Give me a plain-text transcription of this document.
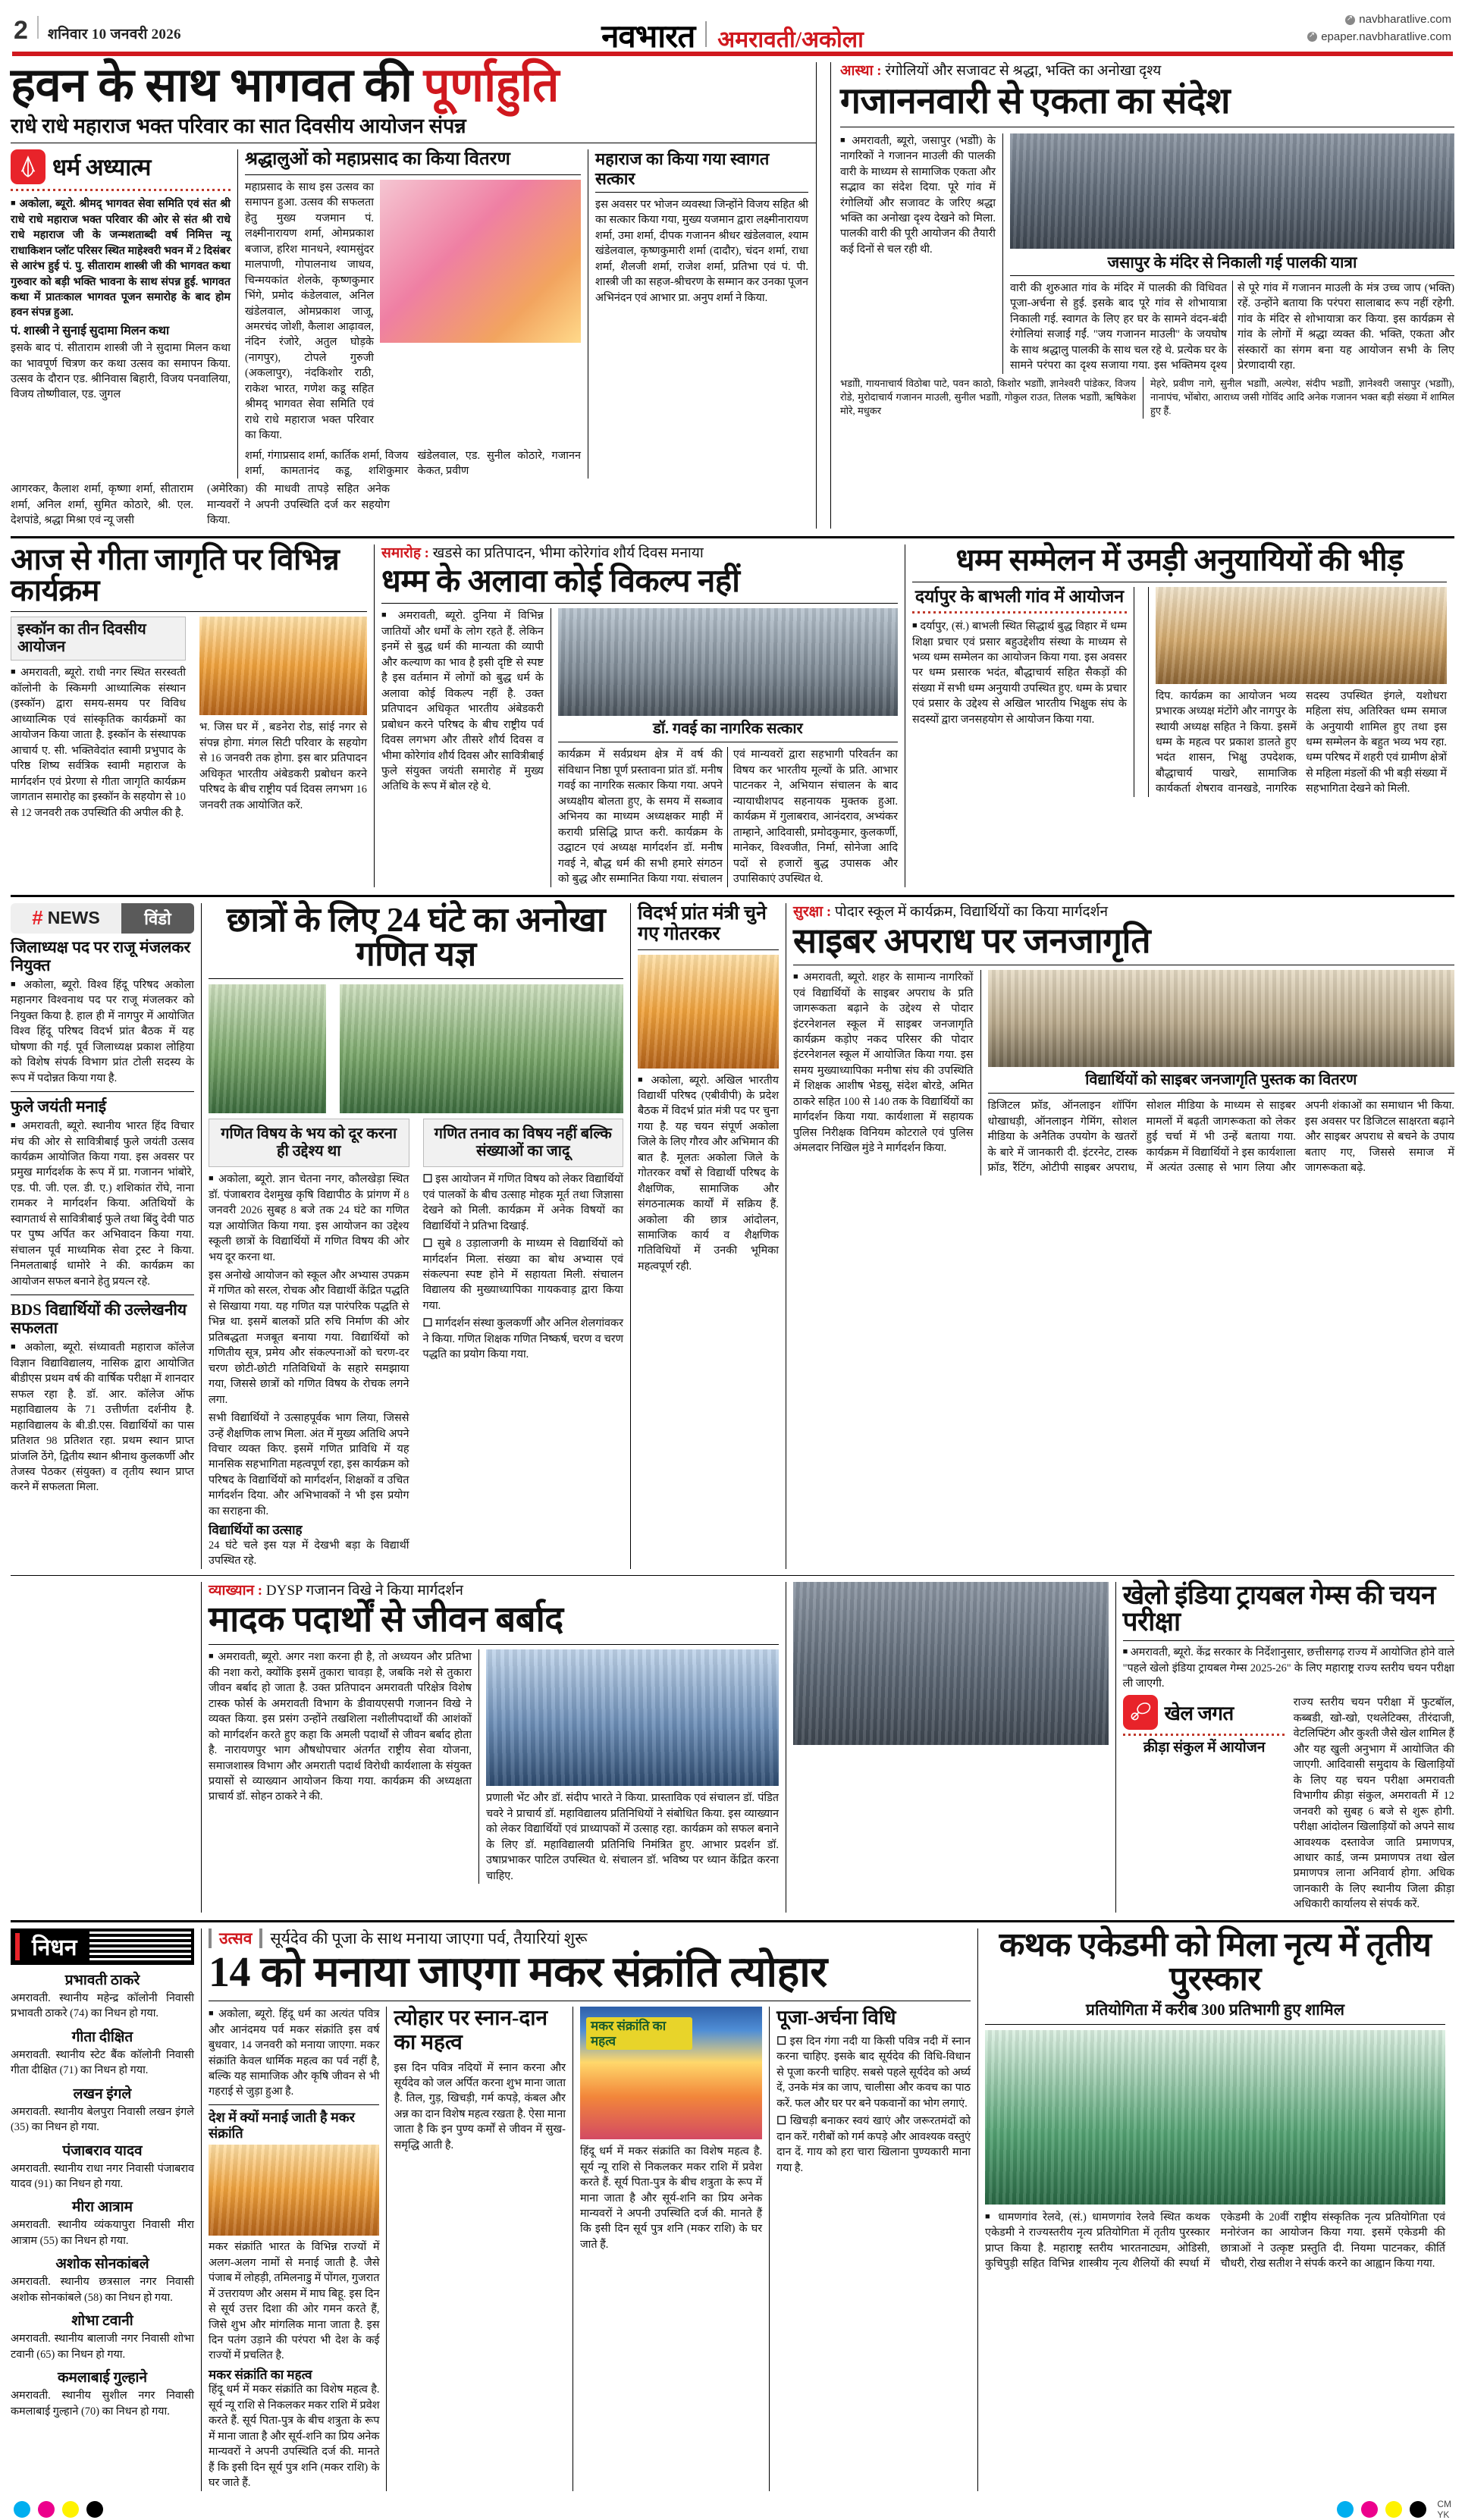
2 शनिवार 10 जनवरी 2026	नवभारत अमरावती/अकोला
↗
navbharatlive.com
↗
epaper.navbharatlive.com
हवन के साथ भागवत की पूर्णाहुति
राधे राधे महाराज भक्त परिवार का सात दिवसीय आयोजन संपन्न
धर्म अध्यात्म

■ अकोला, ब्यूरो. श्रीमद् भागवत सेवा समिति एवं संत श्री राधे राधे महाराज भक्त परिवार की ओर से संत श्री राधे राधे महाराज जी के जन्मशताब्दी वर्ष निमित्त न्यू राधाकिशन प्लॉट परिसर स्थित माहेश्वरी भवन में 2 दिसंबर से आरंभ हुई पं. पु. सीताराम शास्त्री जी की भागवत कथा गुरुवार को बड़ी भक्ति भावना के साथ संपन्न हुई. भागवत कथा में प्रातःकाल भागवत पूजन समारोह के बाद होम हवन संपन्न हुआ.

पं. शास्त्री ने सुनाई सुदामा मिलन कथा

इसके बाद पं. सीताराम शास्त्री जी ने सुदामा मिलन कथा का भावपूर्ण चित्रण कर कथा उत्सव का समापन किया. उत्सव के दौरान एड. श्रीनिवास बिहारी, विजय पनवालिया, विजय तोष्णीवाल, एड. जुगल

श्रद्धालुओं को महाप्रसाद का किया वितरण
महाप्रसाद के साथ इस उत्सव का समापन हुआ. उत्सव की सफलता हेतु मुख्य यजमान पं. लक्ष्मीनारायण शर्मा, ओमप्रकाश बजाज, हरिश मानधने, श्यामसुंदर मालपाणी, गोपालनाथ जाधव, चिन्मयकांत शेलके, कृष्णकुमार भिंगे, प्रमोद कंडेलवाल, अनिल खंडेलवाल, ओमप्रकाश जाजू, अमरचंद जोशी, कैलाश आढ़ावल, नंदिन रंजोरे, अतुल घोड़के (नागपुर), टोपले गुरुजी (अकलापुर), नंदकिशोर राठी, राकेश भारत, गणेश कडू सहित श्रीमद् भागवत सेवा समिति एवं राधे राधे महाराज भक्त परिवार का किया.
शर्मा, गंगाप्रसाद शर्मा, कार्तिक शर्मा, विजय शर्मा, कामतानंद कडू, शशिकुमार खंडेलवाल, एड. सुनील कोठारे, गजानन केकत, प्रवीण
महाराज का किया गया स्वागत सत्कार
इस अवसर पर भोजन व्यवस्था जिन्होंने विजय सहित श्री का सत्कार किया गया, मुख्य यजमान द्वारा लक्ष्मीनारायण शर्मा, उमा शर्मा, दीपक गजानन श्रीधर खंडेलवाल, श्याम खंडेलवाल, कृष्णकुमारी शर्मा (दादौर), चंदन शर्मा, राधा शर्मा, शैलजी शर्मा, राजेश शर्मा, प्रतिभा एवं पं. पी. शास्त्री जी का सहज-श्रीचरण के सम्मान कर उनका पूजन अभिनंदन एवं आभार प्रा. अनुप शर्मा ने किया.
आगरकर, कैलाश शर्मा, कृष्णा शर्मा, सीताराम शर्मा, अनिल शर्मा, सुमित कोठारे, श्री. एल. देशपांडे, श्रद्धा मिश्रा एवं न्यू जसी
(अमेरिका) की माधवी तापड़े सहित अनेक मान्यवरों ने अपनी उपस्थिति दर्ज कर सहयोग किया.
आस्था : रंगोलियों और सजावट से श्रद्धा, भक्ति का अनोखा दृश्य
गजाननवारी से एकता का संदेश
■ अमरावती, ब्यूरो, जसापुर (भडोी) के नागरिकों ने गजानन माउली की पालकी वारी के माध्यम से सामाजिक एकता और सद्भाव का संदेश दिया. पूरे गांव में रंगोलियों और सजावट के जरिए श्रद्धा भक्ति का अनोखा दृश्य देखने को मिला. पालकी वारी की पूरी आयोजन की तैयारी कई दिनों से चल रही थी.
जसापुर के मंदिर से निकाली गई पालकी यात्रा
वारी की शुरुआत गांव के मंदिर में पालकी की विधिवत पूजा-अर्चना से हुई. इसके बाद पूरे गांव से शोभायात्रा निकाली गई. स्वागत के लिए हर घर के सामने वंदन-बंदी रंगोलियां सजाई गईं. "जय गजानन माउली" के जयघोष के साथ श्रद्धालु पालकी के साथ चल रहे थे. प्रत्येक घर के सामने परंपरा का दृश्य सजाया गया. इस भक्तिमय दृश्य से पूरे गांव में गजानन माउली के मंत्र उच्च जाप (भक्ति) रहें. उन्होंने बताया कि परंपरा सालाबाद रूप नहीं रहेगी. गांव के मंदिर से शोभायात्रा कर किया. इस कार्यक्रम से गांव के लोगों में श्रद्धा व्यक्त की. भक्ति, एकता और संस्कारों का संगम बना यह आयोजन सभी के लिए प्रेरणादायी रहा.
भडाोी, गायनाचार्य विठोबा पाटे, पवन काठोे, किशोर भडाोी, ज्ञानेश्वरी पांडेकर, विजय रोडे, मुरोदाचार्य गजानन माउली, सुनील भडाोी, गोकुल राउत, तिलक भडाोी, ऋषिकेश मोरे, मधुकर
मेहरे, प्रवीण नागे, सुनील भडाोी, अल्पेश, संदीप भडाोी, ज्ञानेश्वरी जसापुर (भडाोी), नानापंच, भोंबोरा, आराध्य जसी गोविंद आदि अनेक गजानन भक्त बड़ी संख्या में शामिल हुए हैं.
आज से गीता जागृति पर विभिन्न कार्यक्रम
इस्कॉन का तीन दिवसीय आयोजन
■ अमरावती, ब्यूरो. राधी नगर स्थित सरस्वती कॉलोनी के स्किमगी आध्यात्मिक संस्थान (इस्कॉन) द्वारा समय-समय पर विविध आध्यात्मिक एवं सांस्कृतिक कार्यक्रमों का आयोजन किया जाता है. इस्कॉन के संस्थापक आचार्य ए. सी. भक्तिवेदांत स्वामी प्रभुपाद के परिष्ठ शिष्य सर्वत्रिक स्वामी महाराज के मार्गदर्शन एवं प्रेरणा से गीता जागृति कार्यक्रम जागतान समारोह का इस्कॉन के सहयोग से 10 से 12 जनवरी तक उपस्थिति की अपील की है.
भ. जिस घर में , बडनेरा रोड, सांई नगर से संपन्न होगा. मंगल सिटी परिवार के सहयोग से 16 जनवरी तक होगा. इस बार प्रतिपादन अधिकृत भारतीय अंबेडकरी प्रबोधन करने परिषद के बीच राष्ट्रीय पर्व दिवस लगभग 16 जनवरी तक आयोजित करें.
समारोह : खडसे का प्रतिपादन, भीमा कोरेगांव शौर्य दिवस मनाया
धम्म के अलावा कोई विकल्प नहीं
■ अमरावती, ब्यूरो. दुनिया में विभिन्न जातियों और धर्मों के लोग रहते हैं. लेकिन इनमें से बुद्ध धर्म की मान्यता की व्यापी और कल्याण का भाव है इसी दृष्टि से स्पष्ट है इस वर्तमान में लोगों को बुद्ध धर्म के अलावा कोई विकल्प नहीं है. उक्त प्रतिपादन अधिकृत भारतीय अंबेडकरी प्रबोधन करने परिषद के बीच राष्ट्रीय पर्व दिवस लगभग और तीसरे शौर्य दिवस व भीमा कोरेगांव शौर्य दिवस और सावित्रीबाई फुले संयुक्त जयंती समारोह में मुख्य अतिथि के रूप में बोल रहे थे.
डॉ. गवई का नागरिक सत्कार
कार्यक्रम में सर्वप्रथम क्षेत्र में वर्ष की संविधान निष्ठा पूर्ण प्रस्तावना प्रांत डॉ. मनीष गवई का नागरिक सत्कार किया गया. अपने अध्यक्षीय बोलता हुए, के समय में सब्जाव अभिनय का माध्यम अध्यक्षकर माही में करायी प्रसिद्धि प्राप्त करी. कार्यक्रम के उद्घाटन एवं अध्यक्ष मार्गदर्शन डॉ. मनीष गवई ने, बौद्ध धर्म की सभी हमारे संगठन को बुद्ध और सम्मानित किया गया. संचालन एवं मान्यवरों द्वारा सहभागी परिवर्तन का विषय कर भारतीय मूल्यों के प्रति. आभार पाटनकर ने, अभियान संचालन के बाद न्यायाधीशपद सहनायक मुक्तक हुआ. कार्यक्रम में गुलाबराव, आनंदराव, अभ्यंकर ताम्हाने, आदिवासी, प्रमोदकुमार, कुलकर्णी, मानेकर, विश्वजीत, निर्मा, सोनेजा आदि पदों से हजारों बुद्ध उपासक और उपासिकाएं उपस्थित थे.
धम्म सम्मेलन में उमड़ी अनुयायियों की भीड़
दर्यापुर के बाभली गांव में आयोजन
■ दर्यापुर, (सं.) बाभली स्थित सिद्धार्थ बुद्ध विहार में धम्म शिक्षा प्रचार एवं प्रसार बहुउद्देशीय संस्था के माध्यम से भव्य धम्म सम्मेलन का आयोजन किया गया. इस अवसर पर धम्म प्रसारक भदंत, बौद्धाचार्य सहित सैकड़ों की संख्या में सभी धम्म अनुयायी उपस्थित हुए. धम्म के प्रचार एवं प्रसार के उद्देश्य से अखिल भारतीय भिक्षुक संघ के सदस्यों द्वारा जनसहयोग से आयोजन किया गया.
दिप. कार्यक्रम का आयोजन भव्य प्रभारक अध्यक्ष मंटोंगे और नागपुर के स्थायी अध्यक्ष सहित ने किया. इसमें धम्म के महत्व पर प्रकाश डालते हुए भदंत शासन, भिक्षु उपदेशक, बौद्धाचार्य पाखरे, सामाजिक कार्यकर्ता शेषराव वानखडे, नागरिक सदस्य उपस्थित इंगले, यशोधरा महिला संघ, अतिरिक्त धम्म समाज के अनुयायी शामिल हुए तथा इस धम्म सम्मेलन के बहुत भव्य भय रहा. धम्म परिषद में शहरी एवं ग्रामीण क्षेत्रों से महिला मंडलों की भी बड़ी संख्या में सहभागिता देखने को मिली.
# NEWS	विंडो
जिलाध्यक्ष पद पर राजू मंजलकर नियुक्त
■ अकोला, ब्यूरो. विश्व हिंदू परिषद अकोला महानगर विश्वनाथ पद पर राजू मंजलकर को नियुक्त किया है. हाल ही में नागपुर में आयोजित विश्व हिंदू परिषद विदर्भ प्रांत बैठक में यह घोषणा की गई. पूर्व जिलाध्यक्ष प्रकाश लोहिया को विशेष संपर्क विभाग प्रांत टोली सदस्य के रूप में पदोन्नत किया गया है.
फुले जयंती मनाई
■ अमरावती, ब्यूरो. स्थानीय भारत हिंद विचार मंच की ओर से सावित्रीबाई फुले जयंती उत्सव कार्यक्रम आयोजित किया गया. इस अवसर पर प्रमुख मार्गदर्शक के रूप में प्रा. गजानन भांबोरे, एड. पी. जी. एल. डी. ए.) शशिकांत रोंघे, नाना रामकर ने मार्गदर्शन किया. अतिथियों के स्वागतार्थ से सावित्रीबाई फुले तथा बिंदु देवी पाठ पर पुष्प अर्पित कर अभिवादन किया गया. संचालन पूर्व माध्यमिक सेवा ट्रस्ट ने किया. निमलताबाई धामोरे ने की. कार्यक्रम का आयोजन सफल बनाने हेतु प्रयत्न रहे.
BDS विद्यार्थियों की उल्लेखनीय सफलता
■ अकोला, ब्यूरो. संध्यावती महाराज कॉलेज विज्ञान विद्याविद्यालय, नासिक द्वारा आयोजित बीडीएस प्रथम वर्ष की वार्षिक परीक्षा में शानदार सफल रहा है. डॉ. आर. कॉलेज ऑफ महाविद्यालय के 71 उत्तीर्णता दर्शनीय है. महाविद्यालय के बी.डी.एस. विद्यार्थियों का पास प्रतिशत 98 प्रतिशत रहा. प्रथम स्थान प्राप्त प्रांजलि ठेंगे, द्वितीय स्थान श्रीनाथ कुलकर्णी और तेजस्व पेठकर (संयुक्त) व तृतीय स्थान प्राप्त करने में सफलता मिला.
छात्रों के लिए 24 घंटे का अनोखा गणित यज्ञ
गणित विषय के भय को दूर करना ही उद्देश्य था
■ अकोला, ब्यूरो. ज्ञान चेतना नगर, कौलखेड़ा स्थित डॉ. पंजाबराव देशमुख कृषि विद्यापीठ के प्रांगण में 8 जनवरी 2026 सुबह 8 बजे तक 24 घंटे का गणित यज्ञ आयोजित किया गया. इस आयोजन का उद्देश्य स्कूली छात्रों के विद्यार्थियों में गणित विषय की ओर भय दूर करना था.
इस अनोखे आयोजन को स्कूल और अभ्यास उपक्रम में गणित को सरल, रोचक और विद्यार्थी केंद्रित पद्धति से सिखाया गया. यह गणित यज्ञ पारंपरिक पद्धति से भिन्न था. इसमें बालकों प्रति रुचि निर्माण की ओर प्रतिबद्धता मजबूत बनाया गया. विद्यार्थियों को गणितीय सूत्र, प्रमेय और संकल्पनाओं को चरण-दर चरण छोटी-छोटी गतिविधियों के सहारे समझाया गया, जिससे छात्रों को गणित विषय के रोचक लगने लगा.
सभी विद्यार्थियों ने उत्साहपूर्वक भाग लिया, जिससे उन्हें शैक्षणिक लाभ मिला. अंत में मुख्य अतिथि अपने विचार व्यक्त किए. इसमें गणित प्राविधि में यह मानसिक सहभागिता महत्वपूर्ण रहा, इस कार्यक्रम को परिषद के विद्यार्थियों को मार्गदर्शन, शिक्षकों व उचित मार्गदर्शन दिया. और अभिभावकों ने भी इस प्रयोग का सराहना की.
विद्यार्थियों का उत्साह
24 घंटे चले इस यज्ञ में देखभी बड़ा के विद्यार्थी उपस्थित रहे.
गणित तनाव का विषय नहीं बल्कि संख्याओं का जादू

☐ इस आयोजन में गणित विषय को लेकर विद्यार्थियों एवं पालकों के बीच उत्साह मोहक मूर्त तथा जिज्ञासा देखने को मिली. कार्यक्रम में अनेक विषयों का विद्यार्थियों ने प्रतिभा दिखाई.

☐ सुबे 8 उड़ालाजगी के माध्यम से विद्यार्थियों को मार्गदर्शन मिला. संख्या का बोध अभ्यास एवं संकल्पना स्पष्ट होने में सहायता मिली. संचालन विद्यालय की मुख्याध्यापिका गायकवाड़ द्वारा किया गया.

☐ मार्गदर्शन संस्था कुलकर्णी और अनिल शेलगांवकर ने किया. गणित शिक्षक गणित निष्कर्ष, चरण व चरण पद्धति का प्रयोग किया गया.

विदर्भ प्रांत मंत्री चुने गए गोतरकर
■ अकोला, ब्यूरो. अखिल भारतीय विद्यार्थी परिषद (एबीवीपी) के प्रदेश बैठक में विदर्भ प्रांत मंत्री पद पर चुना गया है. यह चयन संपूर्ण अकोला जिले के लिए गौरव और अभिमान की बात है. मूलतः अकोला जिले के गोतरकर वर्षों से विद्यार्थी परिषद के शैक्षणिक, सामाजिक और संगठनात्मक कार्यों में सक्रिय हैं. अकोला की छात्र आंदोलन, सामाजिक कार्य व शैक्षणिक गतिविधियों में उनकी भूमिका महत्वपूर्ण रही.
सुरक्षा : पोदार स्कूल में कार्यक्रम, विद्यार्थियों का किया मार्गदर्शन
साइबर अपराध पर जनजागृति
■ अमरावती, ब्यूरो. शहर के सामान्य नागरिकों एवं विद्यार्थियों के साइबर अपराध के प्रति जागरूकता बढ़ाने के उद्देश्य से पोदार इंटरनेशनल स्कूल में साइबर जनजागृति कार्यक्रम कड़ोए नकद परिसर की पोदार इंटरनेशनल स्कूल में आयोजित किया गया. इस समय मुख्याध्यापिका मनीषा संघ की उपस्थिति में शिक्षक आशीष भेडसू, संदेश बोरडे, अमित ठाकरे सहित 100 से 140 तक के विद्यार्थियों का मार्गदर्शन किया गया. कार्यशाला में सहायक पुलिस निरीक्षक विनियम कोटराले एवं पुलिस अंमलदार निखिल मुंडे ने मार्गदर्शन किया.
विद्यार्थियों को साइबर जनजागृति पुस्तक का वितरण
डिजिटल फ्रॉड, ऑनलाइन शॉपिंग धोखाधड़ी, ऑनलाइन गेमिंग, सोशल मीडिया के अनैतिक उपयोग के खतरों के बारे में जानकारी दी. इंटरनेट, टास्क फ्रॉड, रैंटिंग, ओटीपी साइबर अपराध, सोशल मीडिया के माध्यम से साइबर मामलों में बढ़ती जागरूकता को लेकर हुई चर्चा में भी उन्हें बताया गया. कार्यक्रम में विद्यार्थियों ने इस कार्यशाला में अत्यंत उत्साह से भाग लिया और अपनी शंकाओं का समाधान भी किया. इस अवसर पर डिजिटल साक्षरता बढ़ाने और साइबर अपराध से बचने के उपाय बताए गए, जिससे समाज में जागरूकता बढ़े.
व्याख्यान : DYSP गजानन विखे ने किया मार्गदर्शन
मादक पदार्थों से जीवन बर्बाद
■ अमरावती, ब्यूरो. अगर नशा करना ही है, तो अध्ययन और प्रतिभा की नशा करो, क्योंकि इसमें तुकारा चावड़ा है, जबकि नशे से तुकारा जीवन बर्बाद हो जाता है. उक्त प्रतिपादन अमरावती परिक्षेत्र विशेष टास्क फोर्स के अमरावती विभाग के डीवायएसपी गजानन विखे ने व्यक्त किया. इस प्रसंग उन्होंने तखशिला नशीलीपदार्थों की आशंकों को मार्गदर्शन करते हुए कहा कि अमली पदार्थों से जीवन बर्बाद होता है. नारायणपुर भाग औषधोपचार अंतर्गत राष्ट्रीय सेवा योजना, समाजशास्त्र विभाग और अमराती पदार्थ विरोधी कार्यशाला के संयुक्त प्रयासों से व्याख्यान आयोजन किया गया. कार्यक्रम की अध्यक्षता प्राचार्य डॉ. सोहन ठाकरे ने की.	प्रणाली भेंट और डॉ. संदीप भारते ने किया. प्रास्ताविक एवं संचालन डॉ. पंडित चवरे ने प्राचार्य डॉ. महाविद्यालय प्रतिनिधियों ने संबोधित किया. इस व्याख्यान को लेकर विद्यार्थियों एवं प्राध्यापकों में उत्साह रहा. कार्यक्रम को सफल बनाने के लिए डॉ. महाविद्यालयी प्रतिनिधि निमंत्रित हुए. आभार प्रदर्शन डॉ. उषाप्रभाकर पाटिल उपस्थित थे. संचालन डॉ. भविष्य पर ध्यान केंद्रित करना चाहिए.
खेलो इंडिया ट्रायबल गेम्स की चयन परीक्षा
■ अमरावती, ब्यूरो. केंद्र सरकार के निर्देशानुसार, छत्तीसगढ़ राज्य में आयोजित होने वाले "पहले खेलो इंडिया ट्रायबल गेम्स 2025-26" के लिए महाराष्ट्र राज्य स्तरीय चयन परीक्षा ली जाएगी.
खेल जगत
क्रीड़ा संकुल में आयोजन
राज्य स्तरीय चयन परीक्षा में फुटबॉल, कब्बडी, खो-खो, एथलेटिक्स, तीरंदाजी, वेटलिफ्टिंग और कुश्ती जैसे खेल शामिल हैं और यह खुली अनुभाग में आयोजित की जाएगी. आदिवासी समुदाय के खिलाड़ियों के लिए यह चयन परीक्षा अमरावती विभागीय क्रीड़ा संकुल, अमरावती में 12 जनवरी को सुबह 6 बजे से शुरू होगी. परीक्षा आंदोलन खिलाड़ियों को अपने साथ आवश्यक दस्तावेज जाति प्रमाणपत्र, आधार कार्ड, जन्म प्रमाणपत्र तथा खेल प्रमाणपत्र लाना अनिवार्य होगा. अधिक जानकारी के लिए स्थानीय जिला क्रीड़ा अधिकारी कार्यालय से संपर्क करें.
निधन
प्रभावती ठाकरे
अमरावती. स्थानीय महेन्द्र कॉलोनी निवासी प्रभावती ठाकरे (74) का निधन हो गया.
गीता दीक्षित
अमरावती. स्थानीय स्टेट बैंक कॉलोनी निवासी गीता दीक्षित (71) का निधन हो गया.
लखन इंगले
अमरावती. स्थानीय बेलपुरा निवासी लखन इंगले (35) का निधन हो गया.
पंजाबराव यादव
अमरावती. स्थानीय राधा नगर निवासी पंजाबराव यादव (91) का निधन हो गया.
मीरा आत्राम
अमरावती. स्थानीय व्यंकयापुरा निवासी मीरा आत्राम (55) का निधन हो गया.
अशोक सोनकांबले
अमरावती. स्थानीय छत्रसाल नगर निवासी अशोक सोनकांबले (58) का निधन हो गया.
शोभा टवानी
अमरावती. स्थानीय बालाजी नगर निवासी शोभा टवानी (65) का निधन हो गया.
कमलाबाई गुल्हाने
अमरावती. स्थानीय सुशील नगर निवासी कमलाबाई गुल्हाने (70) का निधन हो गया.
उत्सव सूर्यदेव की पूजा के साथ मनाया जाएगा पर्व, तैयारियां शुरू
14 को मनाया जाएगा मकर संक्रांति त्योहार
■ अकोला, ब्यूरो. हिंदू धर्म का अत्यंत पवित्र और आनंदमय पर्व मकर संक्रांति इस वर्ष बुधवार, 14 जनवरी को मनाया जाएगा. मकर संक्रांति केवल धार्मिक महत्व का पर्व नहीं है, बल्कि यह सामाजिक और कृषि जीवन से भी गहराई से जुड़ा हुआ है.
देश में क्यों मनाई जाती है मकर संक्रांति
मकर संक्रांति भारत के विभिन्न राज्यों में अलग-अलग नामों से मनाई जाती है. जैसे पंजाब में लोहड़ी, तमिलनाडु में पोंगल, गुजरात में उत्तरायण और असम में माघ बिहू. इस दिन से सूर्य उत्तर दिशा की ओर गमन करते हैं, जिसे शुभ और मांगलिक माना जाता है. इस दिन पतंग उड़ाने की परंपरा भी देश के कई राज्यों में प्रचलित है.
मकर संक्रांति का महत्व
हिंदू धर्म में मकर संक्रांति का विशेष महत्व है. सूर्य न्यू राशि से निकलकर मकर राशि में प्रवेश करते हैं. सूर्य पिता-पुत्र के बीच शत्रुता के रूप में माना जाता है और सूर्य-शनि का प्रिय अनेक मान्यवरों ने अपनी उपस्थिति दर्ज की. मानते हैं कि इसी दिन सूर्य पुत्र शनि (मकर राशि) के घर जाते हैं.
त्योहार पर स्नान-दान का महत्व
इस दिन पवित्र नदियों में स्नान करना और सूर्यदेव को जल अर्पित करना शुभ माना जाता है. तिल, गुड़, खिचड़ी, गर्म कपड़े, कंबल और अन्न का दान विशेष महत्व रखता है. ऐसा माना जाता है कि इन पुण्य कर्मों से जीवन में सुख-समृद्धि आती है.
मकर संक्रांति का महत्व
हिंदू धर्म में मकर संक्रांति का विशेष महत्व है. सूर्य न्यू राशि से निकलकर मकर राशि में प्रवेश करते हैं. सूर्य पिता-पुत्र के बीच शत्रुता के रूप में माना जाता है और सूर्य-शनि का प्रिय अनेक मान्यवरों ने अपनी उपस्थिति दर्ज की. मानते हैं कि इसी दिन सूर्य पुत्र शनि (मकर राशि) के घर जाते हैं.
पूजा-अर्चना विधि

☐ इस दिन गंगा नदी या किसी पवित्र नदी में स्नान करना चाहिए. इसके बाद सूर्यदेव की विधि-विधान से पूजा करनी चाहिए. सबसे पहले सूर्यदेव को अर्घ्य दें, उनके मंत्र का जाप, चालीसा और कवच का पाठ करें. फल और घर पर बने पकवानों का भोग लगाएं.

☐ खिचड़ी बनाकर स्वयं खाएं और जरूरतमंदों को दान करें. गरीबों को गर्म कपड़े और आवश्यक वस्तुएं दान दें. गाय को हरा चारा खिलाना पुण्यकारी माना गया है.

कथक एकेडमी को मिला नृत्य में तृतीय पुरस्कार
प्रतियोगिता में करीब 300 प्रतिभागी हुए शामिल
■ धामणगांव रेलवे, (सं.) धामणगांव रेलवे स्थित कथक एकेडमी ने राज्यस्तरीय नृत्य प्रतियोगिता में तृतीय पुरस्कार प्राप्त किया है. महाराष्ट्र स्तरीय भारतनाट्यम, ओडिसी, कुचिपुड़ी सहित विभिन्न शास्त्रीय नृत्य शैलियों की स्पर्धा में एकेडमी के 20वीं राष्ट्रीय संस्कृतिक नृत्य प्रतियोगिता एवं मनोरंजन का आयोजन किया गया. इसमें एकेडमी की छात्राओं ने उत्कृष्ट प्रस्तुति दी. नियमा पाटनकर, कीर्ति चौधरी, रोख सतीश ने संपर्क करने का आह्वान किया गया.
CM
YK
